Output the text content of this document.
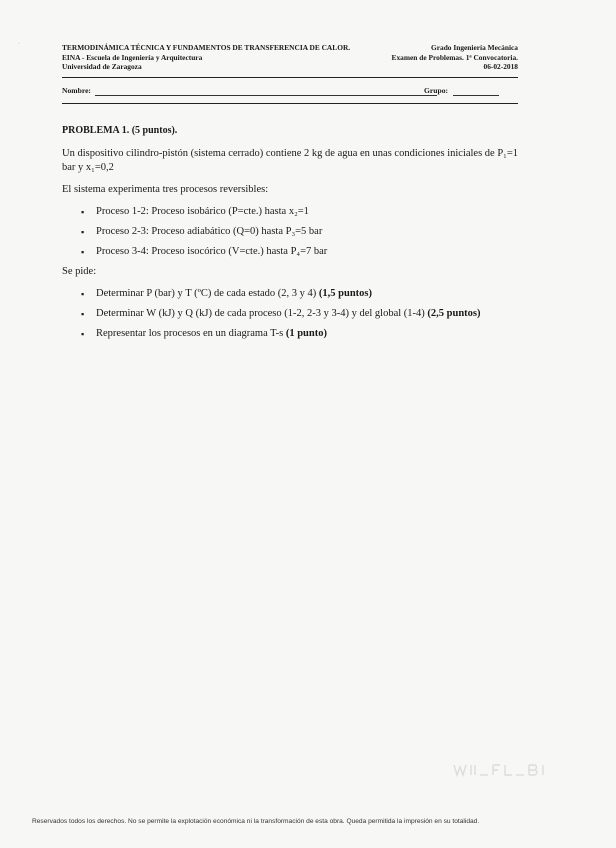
·	TERMODINÁMICA TÉCNICA Y FUNDAMENTOS DE TRANSFERENCIA DE CALOR.	Grado Ingeniería Mecánica
EINA - Escuela de Ingeniería y Arquitectura	Examen de Problemas. 1ª Convocatoria.
Universidad de Zaragoza	06-02-2018
Nombre:	Grupo:

PROBLEMA 1. (5 puntos).

Un dispositivo cilindro-pistón (sistema cerrado) contiene 2 kg de agua en unas condiciones iniciales de P₁=1 bar y x₁=0,2

El sistema experimenta tres procesos reversibles:

▪ Proceso 1-2: Proceso isobárico (P=cte.) hasta x₂=1
▪ Proceso 2-3: Proceso adiabático (Q=0) hasta P₃=5 bar
▪ Proceso 3-4: Proceso isocórico (V=cte.) hasta P₄=7 bar

Se pide:

▪ Determinar P (bar) y T (ºC) de cada estado (2, 3 y 4) (1,5 puntos)
▪ Determinar W (kJ) y Q (kJ) de cada proceso (1-2, 2-3 y 3-4) y del global (1-4) (2,5 puntos)
▪ Representar los procesos en un diagrama T-s (1 punto)
Reservados todos los derechos. No se permite la explotación económica ni la transformación de esta obra. Queda permitida la impresión en su totalidad.
